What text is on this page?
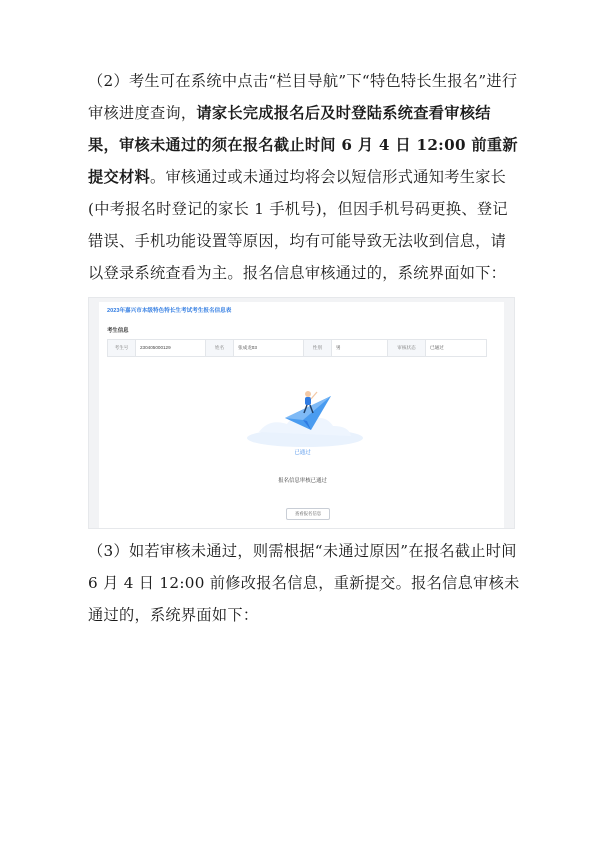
（2）考生可在系统中点击“栏目导航”下“特色特长生报名”进行审核进度查询，请家长完成报名后及时登陆系统查看审核结果，审核未通过的须在报名截止时间 6 月 4 日 12:00 前重新提交材料。审核通过或未通过均将会以短信形式通知考生家长(中考报名时登记的家长 1 手机号)，但因手机号码更换、登记错误、手机功能设置等原因，均有可能导致无法收到信息，请以登录系统查看为主。报名信息审核通过的，系统界面如下：

2023年嘉兴市本级特色特长生考试考生报名信息表
考生信息
考生号	230405000129	姓名	张成龙03	性别	男	审核状态	已通过
已通过
报名信息审核已通过
查看报名信息

（3）如若审核未通过，则需根据“未通过原因”在报名截止时间 6 月 4 日 12:00 前修改报名信息，重新提交。报名信息审核未通过的，系统界面如下：
